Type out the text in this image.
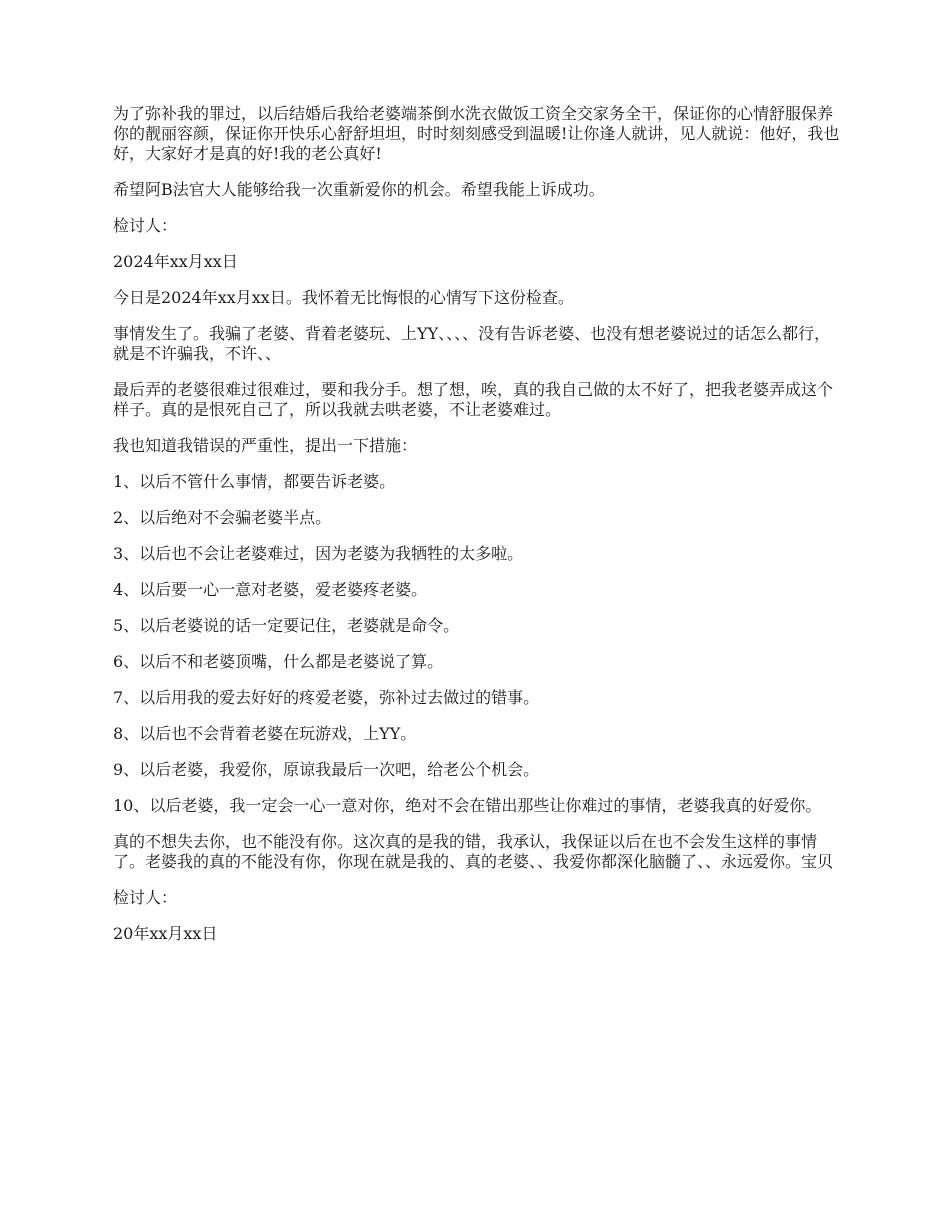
为了弥补我的罪过，以后结婚后我给老婆端茶倒水洗衣做饭工资全交家务全干，保证你的心情舒服保养你的靓丽容颜，保证你开快乐心舒舒坦坦，时时刻刻感受到温暖!让你逢人就讲，见人就说：他好，我也好，大家好才是真的好!我的老公真好!

希望阿B法官大人能够给我一次重新爱你的机会。希望我能上诉成功。

检讨人：

2024年xx月xx日

今日是2024年xx月xx日。我怀着无比悔恨的心情写下这份检查。

事情发生了。我骗了老婆、背着老婆玩、上YY、、、、没有告诉老婆、也没有想老婆说过的话怎么都行，就是不许骗我，不许、、

最后弄的老婆很难过很难过，要和我分手。想了想，唉，真的我自己做的太不好了，把我老婆弄成这个样子。真的是恨死自己了，所以我就去哄老婆，不让老婆难过。

我也知道我错误的严重性，提出一下措施：

1、以后不管什么事情，都要告诉老婆。

2、以后绝对不会骗老婆半点。

3、以后也不会让老婆难过，因为老婆为我牺牲的太多啦。

4、以后要一心一意对老婆，爱老婆疼老婆。

5、以后老婆说的话一定要记住，老婆就是命令。

6、以后不和老婆顶嘴，什么都是老婆说了算。

7、以后用我的爱去好好的疼爱老婆，弥补过去做过的错事。

8、以后也不会背着老婆在玩游戏，上YY。

9、以后老婆，我爱你，原谅我最后一次吧，给老公个机会。

10、以后老婆，我一定会一心一意对你，绝对不会在错出那些让你难过的事情，老婆我真的好爱你。

真的不想失去你，也不能没有你。这次真的是我的错，我承认，我保证以后在也不会发生这样的事情了。老婆我的真的不能没有你，你现在就是我的、真的老婆、、我爱你都深化脑髓了、、永远爱你。宝贝

检讨人：

20年xx月xx日
